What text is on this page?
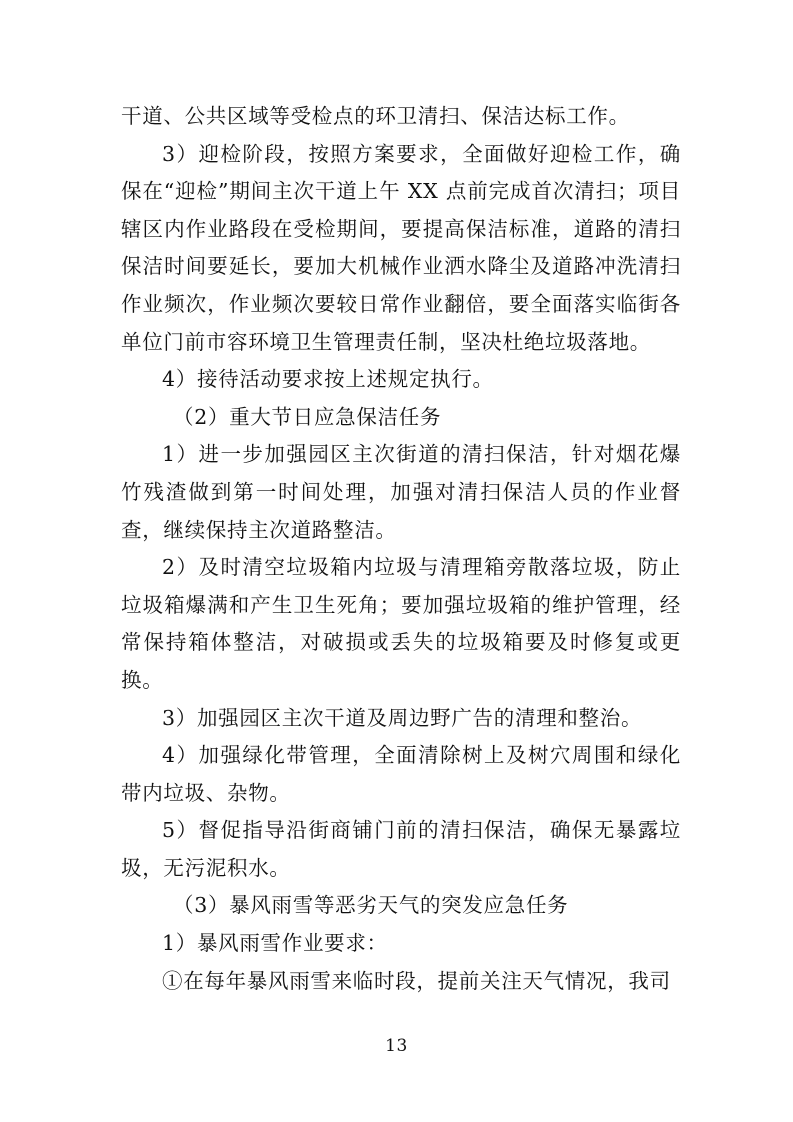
干道、公共区域等受检点的环卫清扫、保洁达标工作。

3）迎检阶段，按照方案要求，全面做好迎检工作，确保在“迎检”期间主次干道上午 XX 点前完成首次清扫；项目辖区内作业路段在受检期间，要提高保洁标准，道路的清扫保洁时间要延长，要加大机械作业洒水降尘及道路冲洗清扫作业频次，作业频次要较日常作业翻倍，要全面落实临街各单位门前市容环境卫生管理责任制，坚决杜绝垃圾落地。

4）接待活动要求按上述规定执行。

（2）重大节日应急保洁任务

1）进一步加强园区主次街道的清扫保洁，针对烟花爆竹残渣做到第一时间处理，加强对清扫保洁人员的作业督查，继续保持主次道路整洁。

2）及时清空垃圾箱内垃圾与清理箱旁散落垃圾，防止垃圾箱爆满和产生卫生死角；要加强垃圾箱的维护管理，经常保持箱体整洁，对破损或丢失的垃圾箱要及时修复或更换。

3）加强园区主次干道及周边野广告的清理和整治。

4）加强绿化带管理，全面清除树上及树穴周围和绿化带内垃圾、杂物。

5）督促指导沿街商铺门前的清扫保洁，确保无暴露垃圾，无污泥积水。

（3）暴风雨雪等恶劣天气的突发应急任务

1）暴风雨雪作业要求：

①在每年暴风雨雪来临时段，提前关注天气情况，我司

13
